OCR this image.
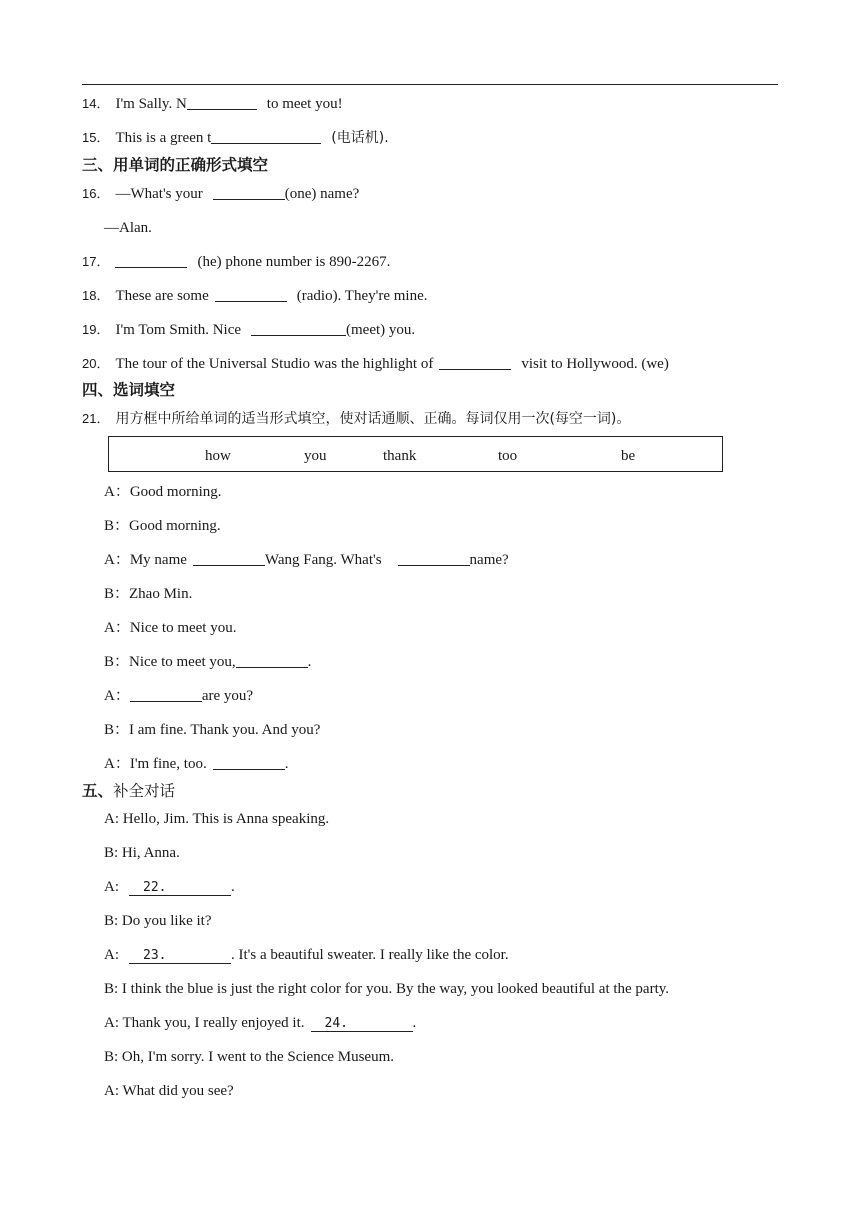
14． I'm Sally. N	to meet you!
15． This is a green t	(电话机).
三、用单词的正确形式填空
16． —What's your	(one) name?
—Alan.
17．	(he) phone number is 890-2267.
18． These are some	(radio). They're mine.
19． I'm Tom Smith. Nice	(meet) you.
20． The tour of the Universal Studio was the highlight of	visit to Hollywood. (we)
四、选词填空
21． 用方框中所给单词的适当形式填空，使对话通顺、正确。每词仅用一次(每空一词)。
how	you	thank	too	be
A：Good morning.
B：Good morning.
A：My name	Wang Fang. What's	name?
B：Zhao Min.
A：Nice to meet you.
B：Nice to meet you,	.
A：	are you?
B：I am fine. Thank you. And you?
A：I'm fine, too.	.
五、补全对话
A: Hello, Jim. This is Anna speaking.
B: Hi, Anna.
A: 22.	.
B: Do you like it?
A: 23.	. It's a beautiful sweater. I really like the color.
B: I think the blue is just the right color for you. By the way, you looked beautiful at the party.
A: Thank you, I really enjoyed it. 24.	.
B: Oh, I'm sorry. I went to the Science Museum.
A: What did you see?
